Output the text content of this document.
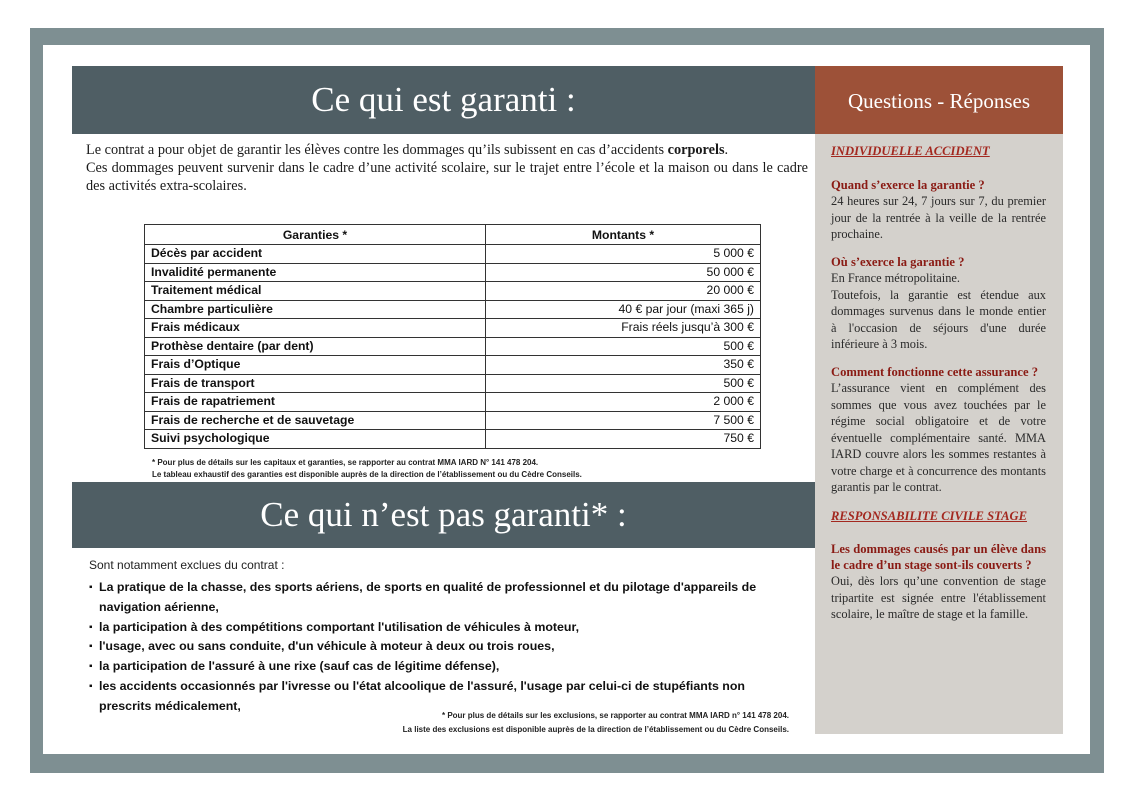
Ce qui est garanti :

Le contrat a pour objet de garantir les élèves contre les dommages qu’ils subissent en cas d’accidents corporels.

Ces dommages peuvent survenir dans le cadre d’une activité scolaire, sur le trajet entre l’école et la maison ou dans le cadre des activités extra-scolaires.

Garanties *	Montants *
Décès par accident	5 000 €
Invalidité permanente	50 000 €
Traitement médical	20 000 €
Chambre particulière	40 € par jour (maxi 365 j)
Frais médicaux	Frais réels jusqu’à 300 €
Prothèse dentaire (par dent)	500 €
Frais d’Optique	350 €
Frais de transport	500 €
Frais de rapatriement	2 000 €
Frais de recherche et de sauvetage	7 500 €
Suivi psychologique	750 €
* Pour plus de détails sur les capitaux et garanties, se rapporter au contrat MMA IARD N° 141 478 204.
Le tableau exhaustif des garanties est disponible auprès de la direction de l’établissement ou du Cèdre Conseils.
Ce qui n’est pas garanti* :
Sont notamment exclues du contrat :
▪ La pratique de la chasse, des sports aériens, de sports en qualité de professionnel et du pilotage d'appareils de navigation aérienne,
▪ la participation à des compétitions comportant l'utilisation de véhicules à moteur,
▪ l'usage, avec ou sans conduite, d'un véhicule à moteur à deux ou trois roues,
▪ la participation de l'assuré à une rixe (sauf cas de légitime défense),
▪ les accidents occasionnés par l'ivresse ou l'état alcoolique de l'assuré, l'usage par celui-ci de stupéfiants non prescrits médicalement,
* Pour plus de détails sur les exclusions, se rapporter au contrat MMA IARD n° 141 478 204.
La liste des exclusions est disponible auprès de la direction de l’établissement ou du Cèdre Conseils.
Questions - Réponses
INDIVIDUELLE ACCIDENT
Quand s’exerce la garantie ?
24 heures sur 24, 7 jours sur 7, du premier jour de la rentrée à la veille de la rentrée prochaine.
Où s’exerce la garantie ?
En France métropolitaine.
Toutefois, la garantie est étendue aux dommages survenus dans le monde entier à l'occasion de séjours d'une durée inférieure à 3 mois.
Comment fonctionne cette assurance ?
L’assurance vient en complément des sommes que vous avez touchées par le régime social obligatoire et de votre éventuelle complémentaire santé. MMA IARD couvre alors les sommes restantes à votre charge et à concurrence des montants garantis par le contrat.
RESPONSABILITE CIVILE STAGE
Les dommages causés par un élève dans le cadre d’un stage sont-ils couverts ?
Oui, dès lors qu’une convention de stage tripartite est signée entre l'établissement scolaire, le maître de stage et la famille.
